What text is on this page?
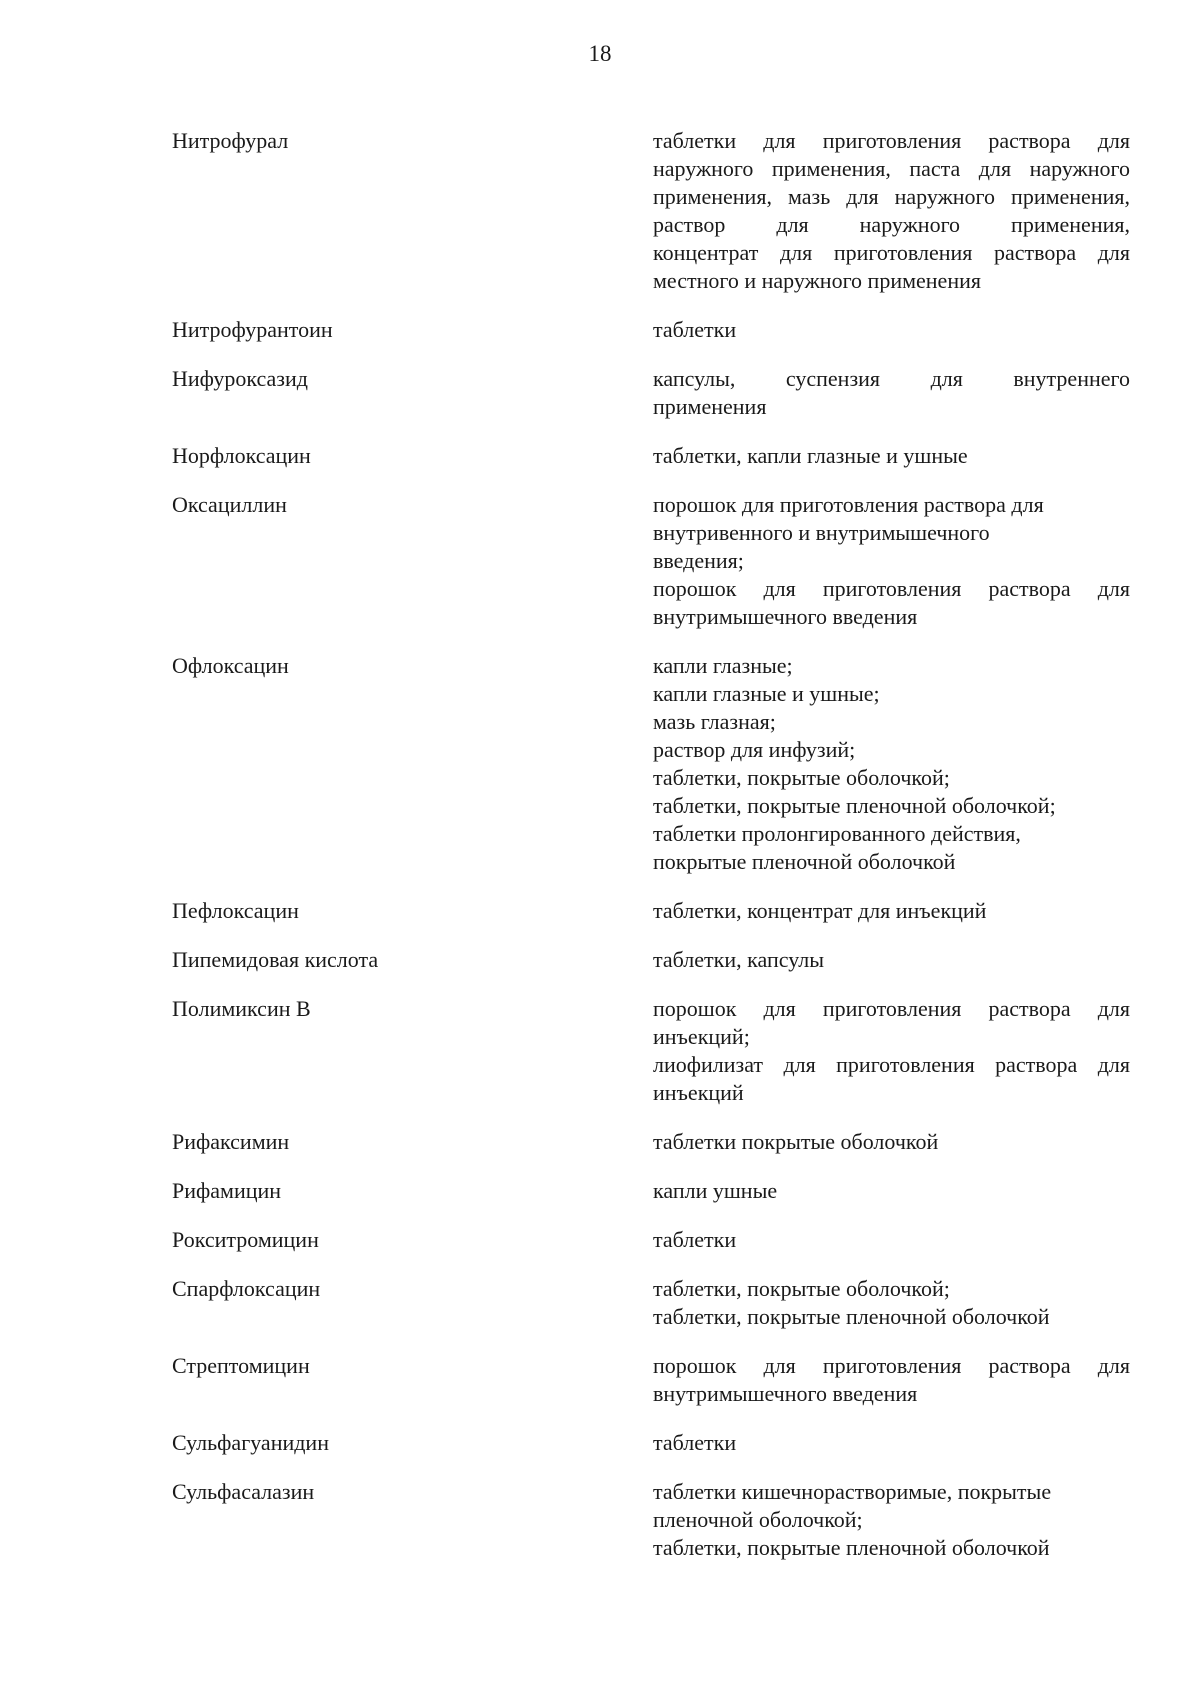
18
Нитрофурал	таблетки для приготовления раствора для
наружного применения, паста для наружного
применения, мазь для наружного применения,
раствор для наружного применения,
концентрат для приготовления раствора для
местного и наружного применения
Нитрофурантоин	таблетки
Нифуроксазид	капсулы, суспензия для внутреннего
применения
Норфлоксацин	таблетки, капли глазные и ушные
Оксациллин	порошок для приготовления раствора для
внутривенного и внутримышечного
введения;
порошок для приготовления раствора для
внутримышечного введения
Офлоксацин	капли глазные;
капли глазные и ушные;
мазь глазная;
раствор для инфузий;
таблетки, покрытые оболочкой;
таблетки, покрытые пленочной оболочкой;
таблетки пролонгированного действия,
покрытые пленочной оболочкой
Пефлоксацин	таблетки, концентрат для инъекций
Пипемидовая кислота	таблетки, капсулы
Полимиксин В	порошок для приготовления раствора для
инъекций;
лиофилизат для приготовления раствора для
инъекций
Рифаксимин	таблетки покрытые оболочкой
Рифамицин	капли ушные
Рокситромицин	таблетки
Спарфлоксацин	таблетки, покрытые оболочкой;
таблетки, покрытые пленочной оболочкой
Стрептомицин	порошок для приготовления раствора для
внутримышечного введения
Сульфагуанидин	таблетки
Сульфасалазин	таблетки кишечнорастворимые, покрытые
пленочной оболочкой;
таблетки, покрытые пленочной оболочкой
